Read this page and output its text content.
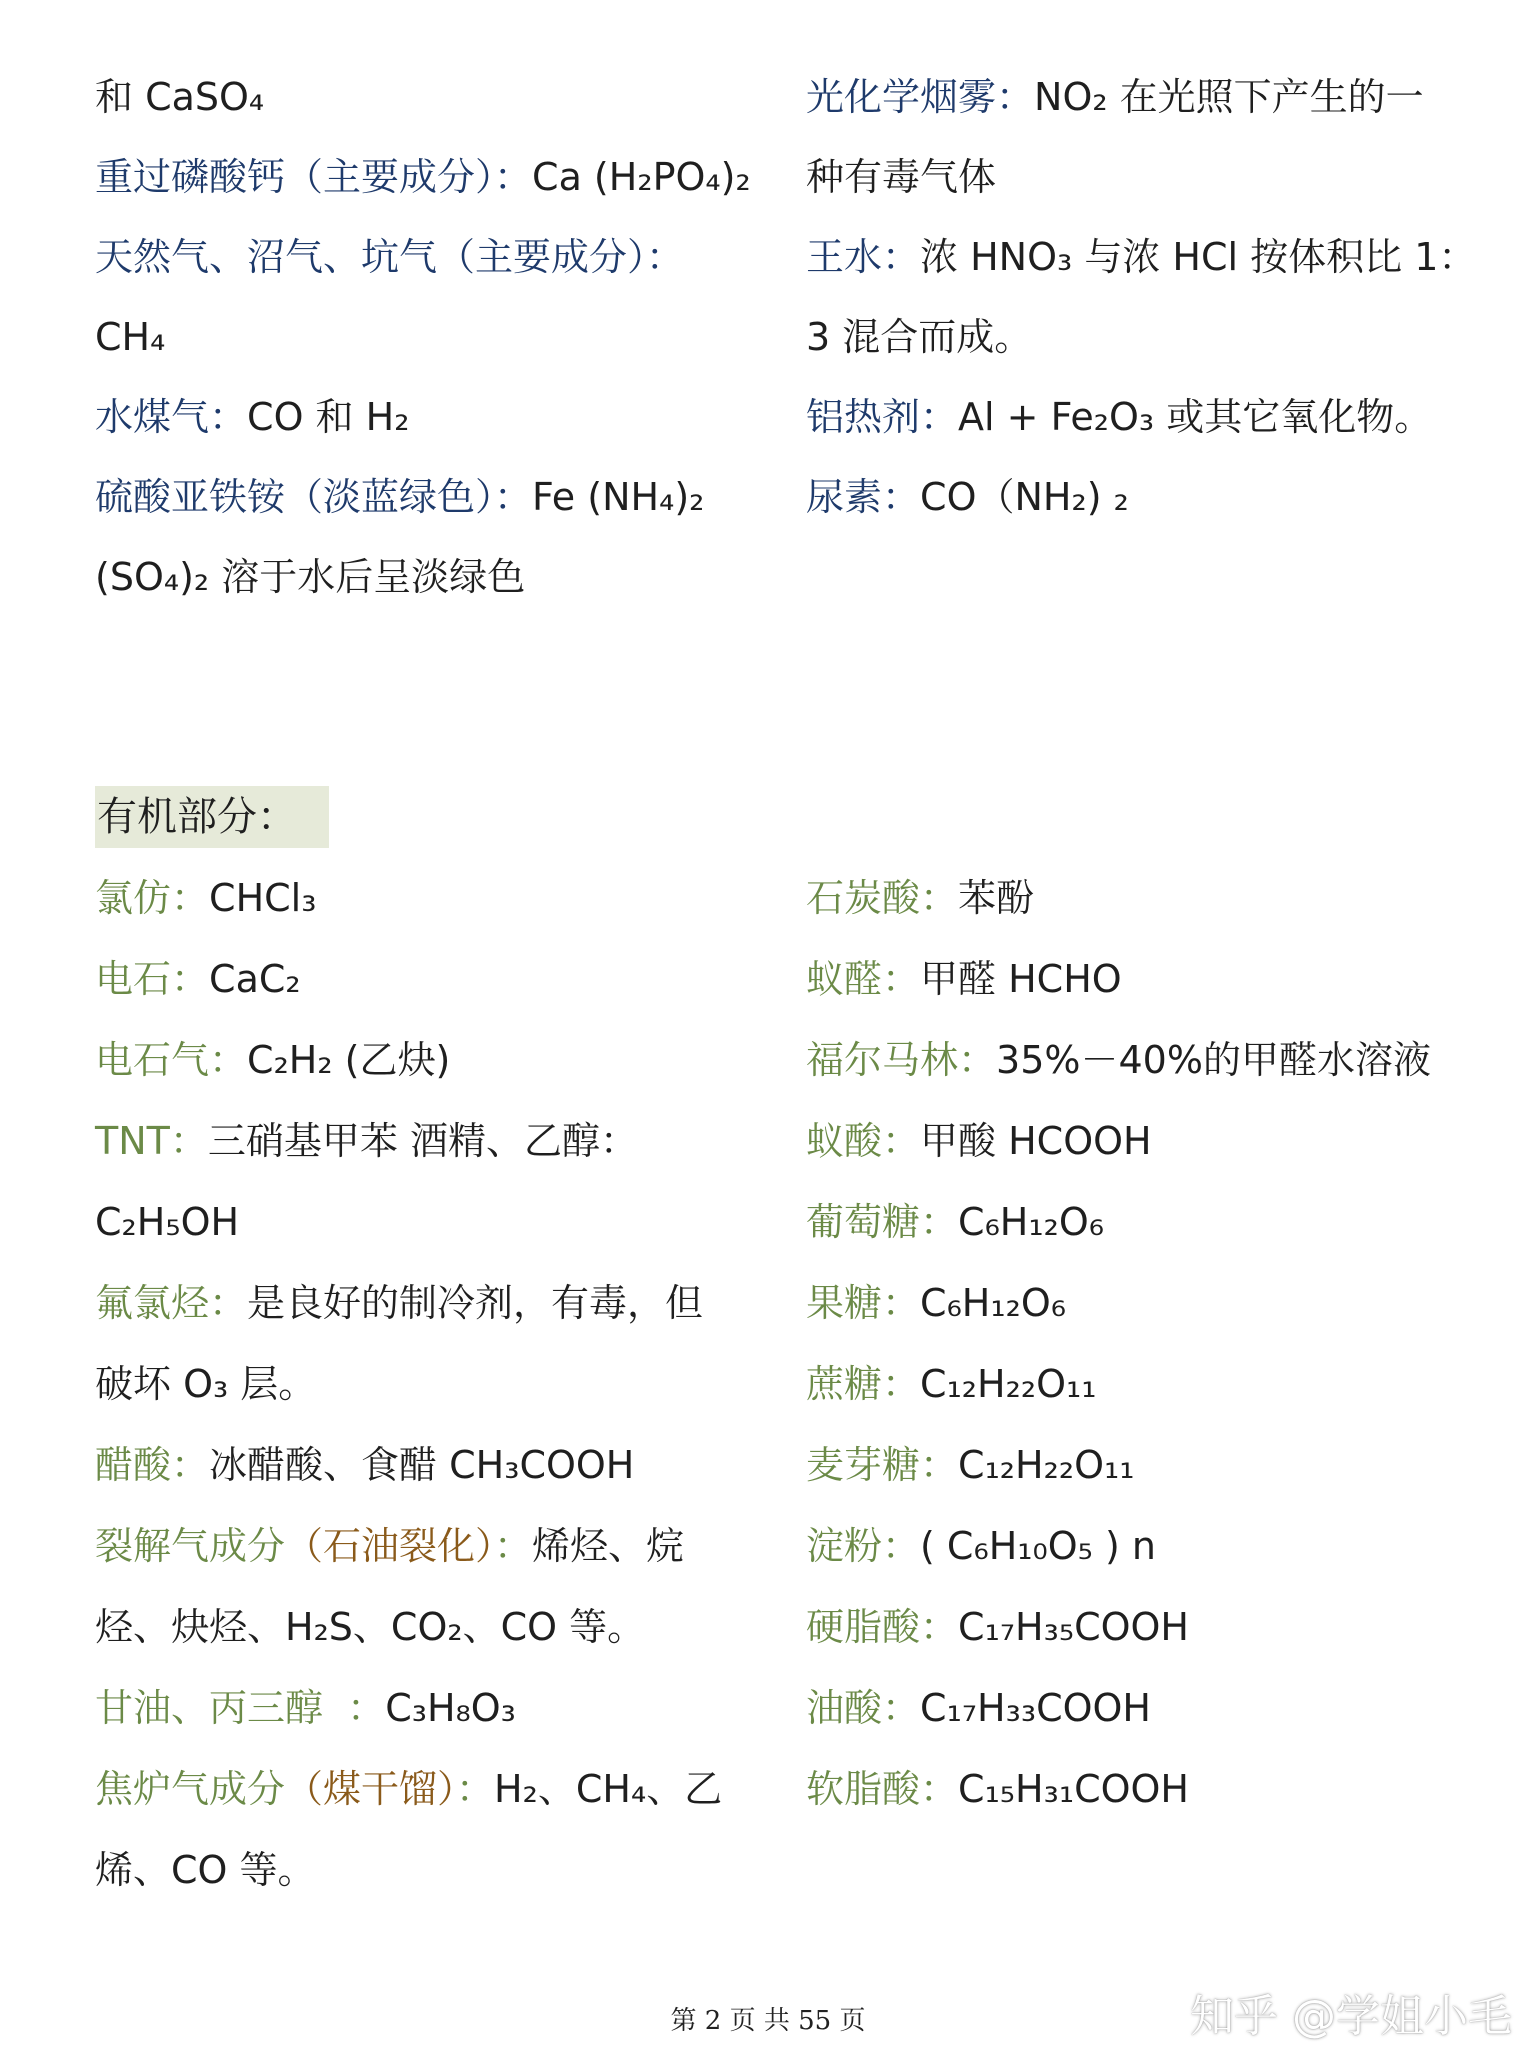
和 CaSO₄
重过磷酸钙（主要成分）：Ca (H₂PO₄)₂
天然气、沼气、坑气（主要成分）：
CH₄
水煤气：CO 和 H₂
硫酸亚铁铵（淡蓝绿色）：Fe (NH₄)₂
(SO₄)₂ 溶于水后呈淡绿色
光化学烟雾：NO₂ 在光照下产生的一
种有毒气体
王水：浓 HNO₃ 与浓 HCl 按体积比 1：
3 混合而成。
铝热剂：Al + Fe₂O₃ 或其它氧化物。
尿素：CO（NH₂) ₂
有机部分：
氯仿：CHCl₃
电石：CaC₂
电石气：C₂H₂ (乙炔)
TNT：三硝基甲苯 酒精、乙醇：
C₂H₅OH
氟氯烃：是良好的制冷剂，有毒，但
破坏 O₃ 层。
醋酸：冰醋酸、食醋 CH₃COOH
裂解气成分（石油裂化）：烯烃、烷
烃、炔烃、H₂S、CO₂、CO 等。
甘油、丙三醇  ：C₃H₈O₃
焦炉气成分（煤干馏）：H₂、CH₄、乙
烯、CO 等。
石炭酸：苯酚
蚁醛：甲醛 HCHO
福尔马林：35%－40%的甲醛水溶液
蚁酸：甲酸 HCOOH
葡萄糖：C₆H₁₂O₆
果糖：C₆H₁₂O₆
蔗糖：C₁₂H₂₂O₁₁
麦芽糖：C₁₂H₂₂O₁₁
淀粉：( C₆H₁₀O₅ ) n
硬脂酸：C₁₇H₃₅COOH
油酸：C₁₇H₃₃COOH
软脂酸：C₁₅H₃₁COOH
第 2 页 共 55 页	知乎 @学姐小毛
